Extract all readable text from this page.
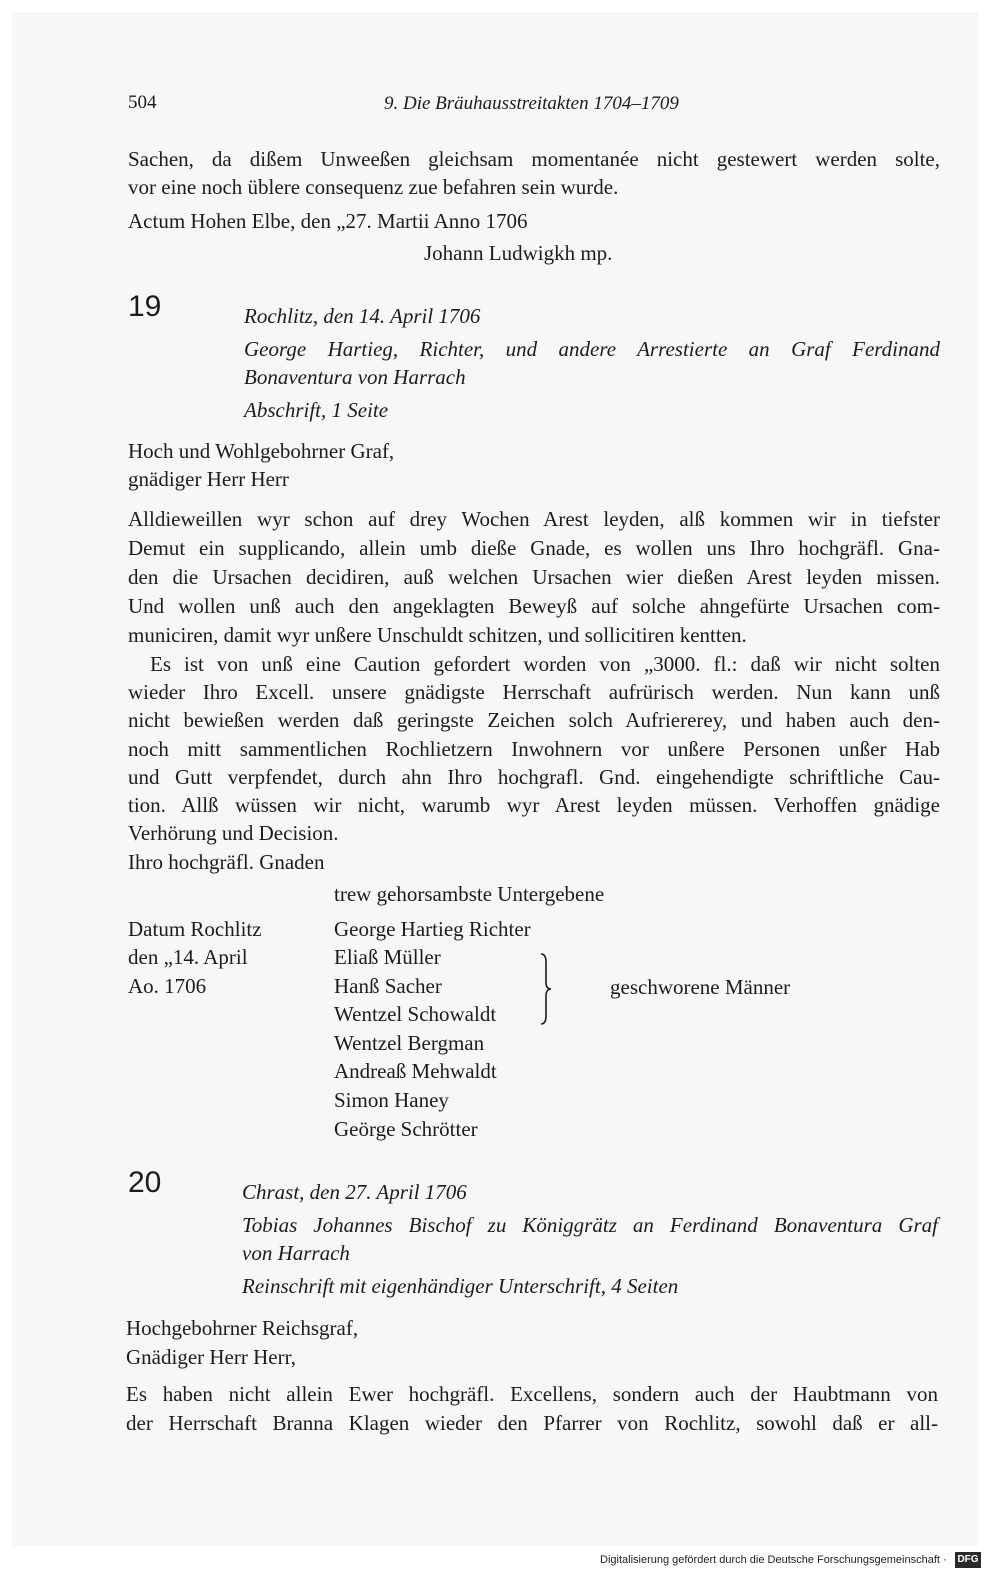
504	9. Die Bräuhausstreitakten 1704–1709
Sachen, da dißem Unweeßen gleichsam momentanée nicht gestewert werden solte,
vor eine noch üblere consequenz zue befahren sein wurde.
Actum Hohen Elbe, den „27. Martii Anno 1706
Johann Ludwigkh mp.
19	Rochlitz, den 14. April 1706
George Hartieg, Richter, und andere Arrestierte an Graf Ferdinand
Bonaventura von Harrach
Abschrift, 1 Seite
Hoch und Wohlgebohrner Graf,
gnädiger Herr Herr
Alldieweillen wyr schon auf drey Wochen Arest leyden, alß kommen wir in tiefster
Demut ein supplicando, allein umb dieße Gnade, es wollen uns Ihro hochgräfl. Gna-
den die Ursachen decidiren, auß welchen Ursachen wier dießen Arest leyden missen.
Und wollen unß auch den angeklagten Beweyß auf solche ahngefürte Ursachen com-
municiren, damit wyr unßere Unschuldt schitzen, und sollicitiren kentten.
Es ist von unß eine Caution gefordert worden von „3000. fl.: daß wir nicht solten
wieder Ihro Excell. unsere gnädigste Herrschaft aufrürisch werden. Nun kann unß
nicht bewießen werden daß geringste Zeichen solch Aufriererey, und haben auch den-
noch mitt sammentlichen Rochlietzern Inwohnern vor unßere Personen unßer Hab
und Gutt verpfendet, durch ahn Ihro hochgrafl. Gnd. eingehendigte schriftliche Cau-
tion. Allß wüssen wir nicht, warumb wyr Arest leyden müssen. Verhoffen gnädige
Verhörung und Decision.
Ihro hochgräfl. Gnaden
trew gehorsambste Untergebene
Datum Rochlitz
den „14. April
Ao. 1706
George Hartieg Richter
Eliaß Müller
Hanß Sacher
Wentzel Schowaldt
Wentzel Bergman
Andreaß Mehwaldt
Simon Haney
Geörge Schrötter
geschworene Männer
20	Chrast, den 27. April 1706
Tobias Johannes Bischof zu Königgrätz an Ferdinand Bonaventura Graf
von Harrach
Reinschrift mit eigenhändiger Unterschrift, 4 Seiten
Hochgebohrner Reichsgraf,
Gnädiger Herr Herr,
Es haben nicht allein Ewer hochgräfl. Excellens, sondern auch der Haubtmann von
der Herrschaft Branna Klagen wieder den Pfarrer von Rochlitz, sowohl daß er all-
Digitalisierung gefördert durch die Deutsche Forschungsgemeinschaft · DFG
